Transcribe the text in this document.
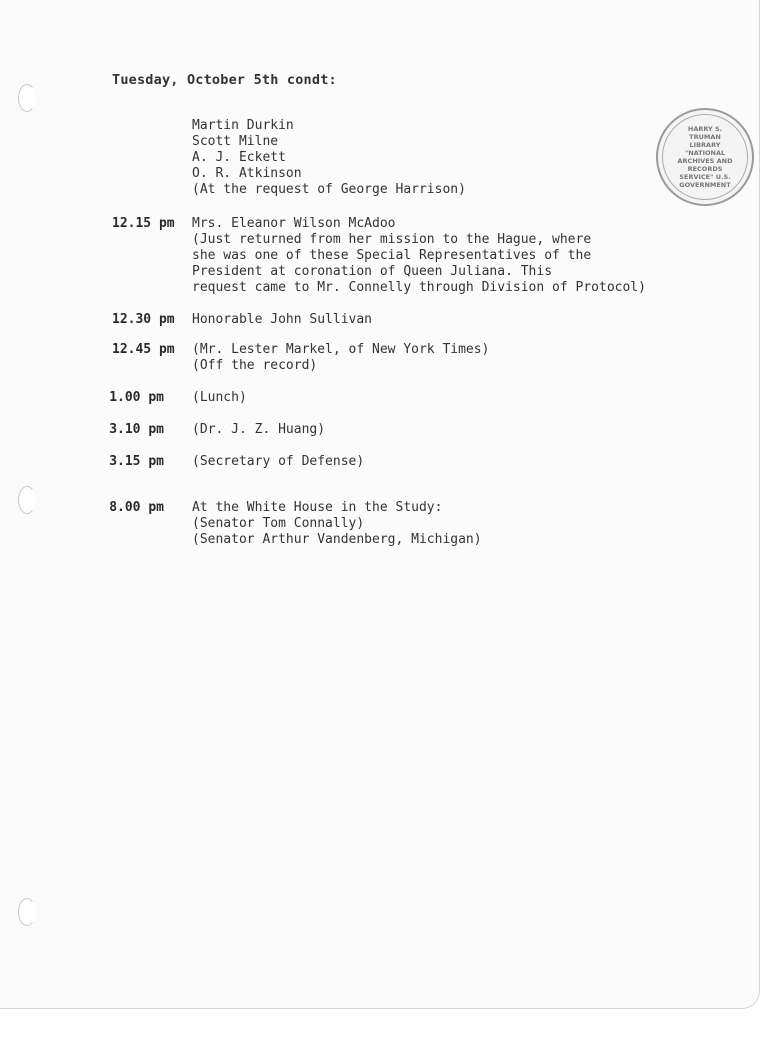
Tuesday, October 5th condt:
Martin Durkin
Scott Milne
A. J. Eckett
O. R. Atkinson
(At the request of George Harrison)
12.15 pm	Mrs. Eleanor Wilson McAdoo
(Just returned from her mission to the Hague, where
she was one of these Special Representatives of the
President at coronation of Queen Juliana. This
request came to Mr. Connelly through Division of Protocol)
12.30 pm	Honorable John Sullivan
12.45 pm	(Mr. Lester Markel, of New York Times)
(Off the record)
1.00 pm (Lunch)
3.10 pm (Dr. J. Z. Huang)
3.15 pm (Secretary of Defense)
8.00 pm At the White House in the Study:
(Senator Tom Connally)
(Senator Arthur Vandenberg, Michigan)
HARRY S. TRUMAN LIBRARY "NATIONAL ARCHIVES AND RECORDS SERVICE" U.S. GOVERNMENT
